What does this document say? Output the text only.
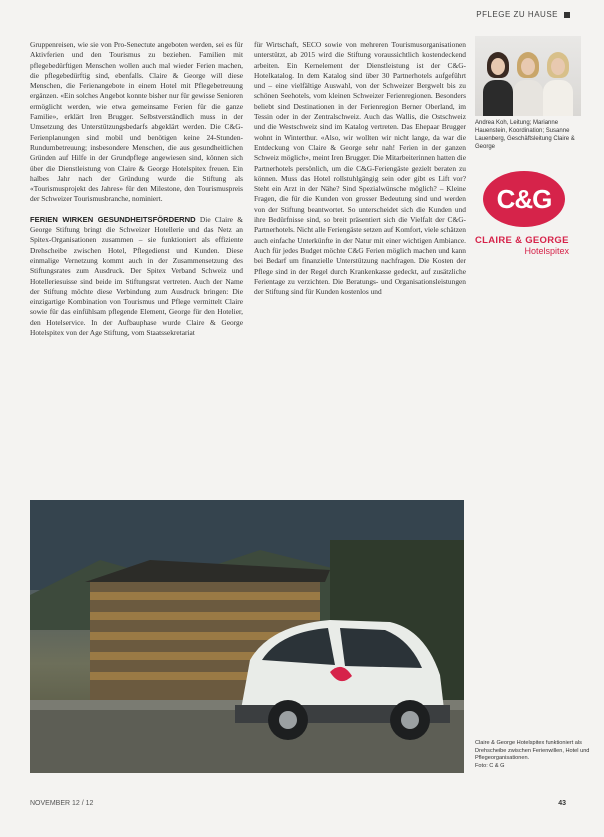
PFLEGE ZU HAUSE

Gruppenreisen, wie sie von Pro-Senectute angeboten werden, sei es für Aktivferien und den Tourismus zu beziehen. Familien mit pflegebedürftigen Menschen wollen auch mal wieder Ferien machen, die pflegebedürftig sind, ebenfalls. Claire & George will diese Menschen, die Ferienangebote in einem Hotel mit Pflegebetreuung ergänzen. «Ein solches Angebot konnte bisher nur für gewisse Senioren ermöglicht werden, wie etwa gemeinsame Ferien für die ganze Familie», erklärt Iren Brugger. Selbstverständlich muss in der Umsetzung des Unterstützungsbedarfs abgeklärt werden. Die C&G-Ferienplanungen sind mobil und benötigen keine 24-Stunden-Rundumbetreuung; insbesondere Menschen, die aus gesundheitlichen Gründen auf Hilfe in der Grundpflege angewiesen sind, können sich über die Dienstleistung von Claire & George Hotelspitex freuen. Ein halbes Jahr nach der Gründung wurde die Stiftung als «Tourismusprojekt des Jahres» für den Milestone, den Tourismuspreis der Schweizer Tourismusbranche, nominiert.

FERIEN WIRKEN GESUNDHEITSFÖRDERND Die Claire & George Stiftung bringt die Schweizer Hotellerie und das Netz an Spitex-Organisationen zusammen – sie funktioniert als effiziente Drehscheibe zwischen Hotel, Pflegedienst und Kunden. Diese einmalige Vernetzung kommt auch in der Zusammensetzung des Stiftungsrates zum Ausdruck. Der Spitex Verband Schweiz und Hotelleriesuisse sind beide im Stiftungsrat vertreten. Auch der Name der Stiftung möchte diese Verbindung zum Ausdruck bringen: Die einzigartige Kombination von Tourismus und Pflege vermittelt Claire sowie für das einfühlsam pflegende Element, George für den Hotelier, den Hotelservice. In der Aufbauphase wurde Claire & George Hotelspitex von der Age Stiftung, vom Staatssekretariat

für Wirtschaft, SECO sowie von mehreren Tourismusorganisationen unterstützt, ab 2015 wird die Stiftung voraussichtlich kostendeckend arbeiten. Ein Kernelement der Dienstleistung ist der C&G-Hotelkatalog. In dem Katalog sind über 30 Partnerhotels aufgeführt und – eine vielfältige Auswahl, von der Schweizer Bergwelt bis zu schönen Seehotels, vom kleinen Schweizer Ferienregionen. Besonders beliebt sind Destinationen in der Ferienregion Berner Oberland, im Tessin oder in der Zentralschweiz. Auch das Wallis, die Ostschweiz und die Westschweiz sind im Katalog vertreten. Das Ehepaar Brugger wohnt in Winterthur. «Also, wir wollten wir nicht lange, da war die Entdeckung von Claire & George sehr nah! Ferien in der ganzen Schweiz möglich», meint Iren Brugger. Die Mitarbeiterinnen hatten die Partnerhotels persönlich, um die C&G-Feriengäste gezielt beraten zu können. Muss das Hotel rollstuhlgängig sein oder gibt es Lift vor? Steht ein Arzt in der Nähe? Sind Spezialwünsche möglich? – Kleine Fragen, die für die Kunden von grosser Bedeutung sind und werden von der Stiftung beantwortet. So unterscheidet sich die Kunden und ihre Bedürfnisse sind, so breit präsentiert sich die Vielfalt der C&G-Partnerhotels. Nicht alle Feriengäste setzen auf Komfort, viele schätzen auch einfache Unterkünfte in der Natur mit einer wichtigen Ambiance. Auch für jedes Budget möchte C&G Ferien möglich machen und kann bei Bedarf um finanzielle Unterstützung nachfragen. Die Kosten der Pflege sind in der Regel durch Krankenkasse gedeckt, auf zusätzliche Ferientage zu verzichten. Die Beratungs- und Organisationsleistungen der Stiftung sind für Kunden kostenlos und

Andrea Koh, Leitung; Marianne Hauenstein, Koordination; Susanne Lauenberg, Geschäftsleitung Claire & George
C&G
CLAIRE & GEORGE
Hotelspitex
Claire & George Hotelspitex funktioniert als Drehscheibe zwischen Ferienwillen, Hotel und Pflegeorganisationen.
Foto: C & G
NOVEMBER 12 / 12	43
